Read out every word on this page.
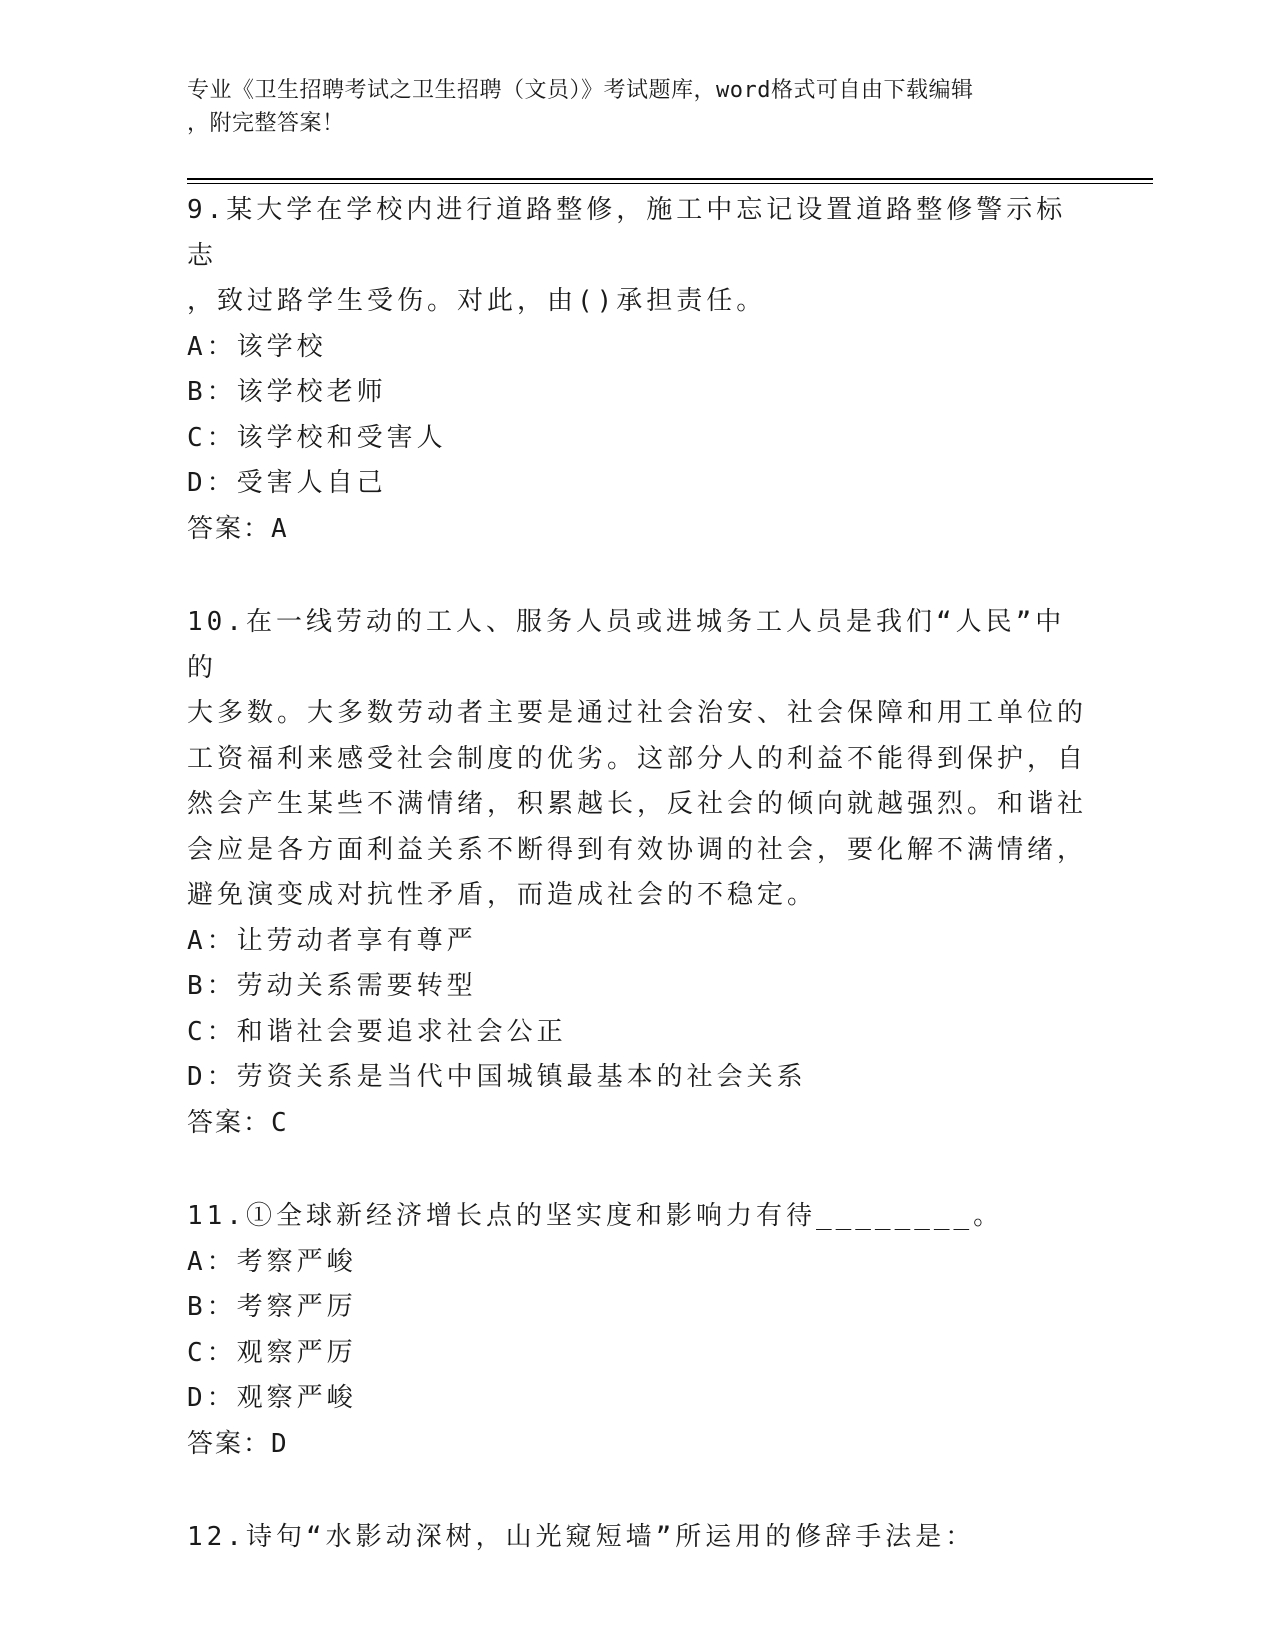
专业《卫生招聘考试之卫生招聘（文员）》考试题库，word格式可自由下载编辑
，附完整答案！

9.某大学在学校内进行道路整修，施工中忘记设置道路整修警示标志

，致过路学生受伤。对此，由()承担责任。

A：该学校

B：该学校老师

C：该学校和受害人

D：受害人自己

答案：A

10.在一线劳动的工人、服务人员或进城务工人员是我们“人民”中的

大多数。大多数劳动者主要是通过社会治安、社会保障和用工单位的

工资福利来感受社会制度的优劣。这部分人的利益不能得到保护，自

然会产生某些不满情绪，积累越长，反社会的倾向就越强烈。和谐社

会应是各方面利益关系不断得到有效协调的社会，要化解不满情绪，

避免演变成对抗性矛盾，而造成社会的不稳定。

A：让劳动者享有尊严

B：劳动关系需要转型

C：和谐社会要追求社会公正

D：劳资关系是当代中国城镇最基本的社会关系

答案：C

11.①全球新经济增长点的坚实度和影响力有待________。

A：考察严峻

B：考察严厉

C：观察严厉

D：观察严峻

答案：D

12.诗句“水影动深树，山光窥短墙”所运用的修辞手法是：
